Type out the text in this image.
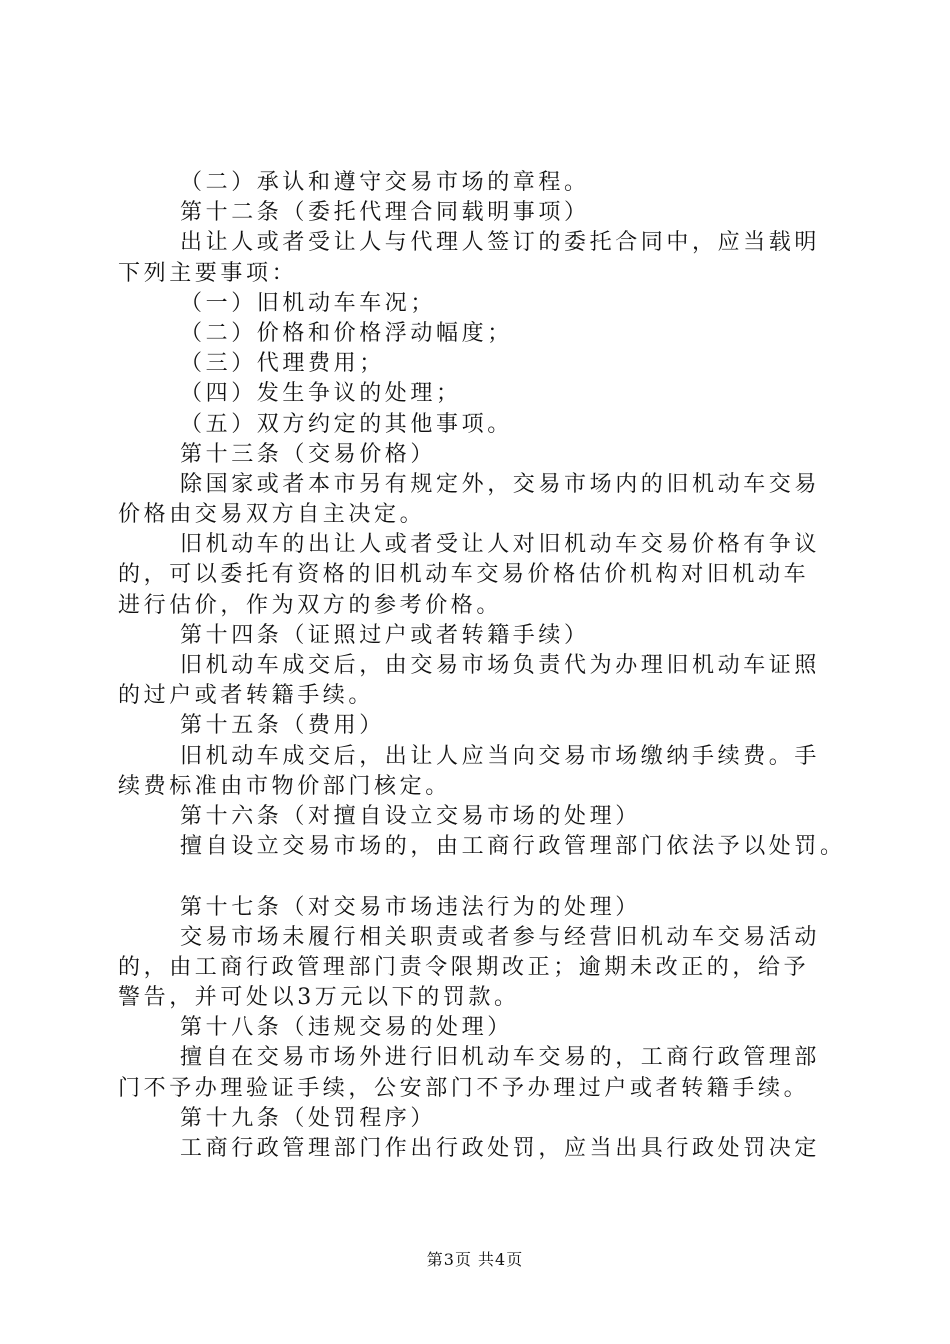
（二）承认和遵守交易市场的章程。
第十二条（委托代理合同载明事项）
出让人或者受让人与代理人签订的委托合同中，应当载明
下列主要事项：
（一）旧机动车车况；
（二）价格和价格浮动幅度；
（三）代理费用；
（四）发生争议的处理；
（五）双方约定的其他事项。
第十三条（交易价格）
除国家或者本市另有规定外，交易市场内的旧机动车交易
价格由交易双方自主决定。
旧机动车的出让人或者受让人对旧机动车交易价格有争议
的，可以委托有资格的旧机动车交易价格估价机构对旧机动车
进行估价，作为双方的参考价格。
第十四条（证照过户或者转籍手续）
旧机动车成交后，由交易市场负责代为办理旧机动车证照
的过户或者转籍手续。
第十五条（费用）
旧机动车成交后，出让人应当向交易市场缴纳手续费。手
续费标准由市物价部门核定。
第十六条（对擅自设立交易市场的处理）
擅自设立交易市场的，由工商行政管理部门依法予以处罚。
第十七条（对交易市场违法行为的处理）
交易市场未履行相关职责或者参与经营旧机动车交易活动
的，由工商行政管理部门责令限期改正；逾期未改正的，给予
警告，并可处以3万元以下的罚款。
第十八条（违规交易的处理）
擅自在交易市场外进行旧机动车交易的，工商行政管理部
门不予办理验证手续，公安部门不予办理过户或者转籍手续。
第十九条（处罚程序）
工商行政管理部门作出行政处罚，应当出具行政处罚决定
第3页 共4页
